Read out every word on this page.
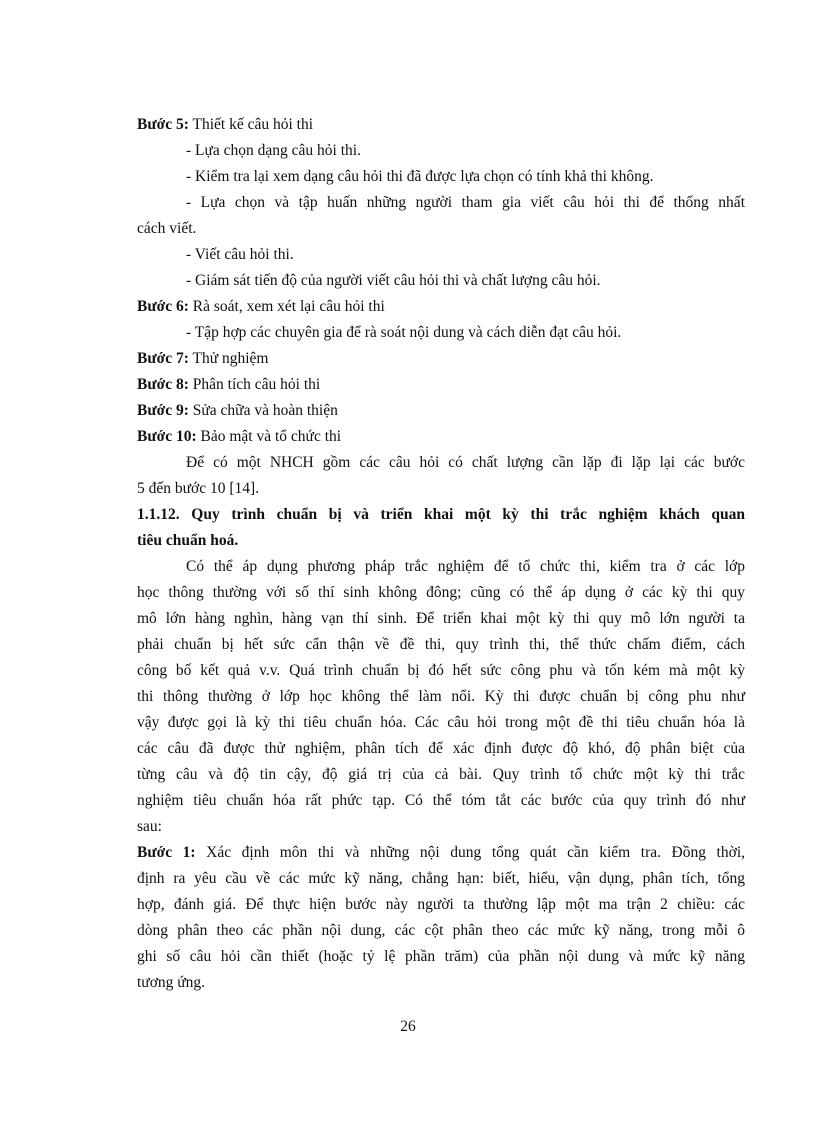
Bước 5: Thiết kế câu hỏi thi
- Lựa chọn dạng câu hỏi thi.
- Kiểm tra lại xem dạng câu hỏi thi đã được lựa chọn có tính khả thi không.
- Lựa chọn và tập huấn những người tham gia viết câu hỏi thi để thống nhất
cách viết.
- Viết câu hỏi thi.
- Giám sát tiến độ của người viết câu hỏi thi và chất lượng câu hỏi.
Bước 6: Rà soát, xem xét lại câu hỏi thi
- Tập hợp các chuyên gia để rà soát nội dung và cách diễn đạt câu hỏi.
Bước 7: Thử nghiệm
Bước 8: Phân tích câu hỏi thi
Bước 9: Sửa chữa và hoàn thiện
Bước 10: Bảo mật và tổ chức thi
Để có một NHCH gồm các câu hỏi có chất lượng cần lặp đi lặp lại các bước
5 đến bước 10 [14].
1.1.12. Quy trình chuẩn bị và triển khai một kỳ thi trắc nghiệm khách quan
tiêu chuẩn hoá.
Có thể áp dụng phương pháp trắc nghiệm để tổ chức thi, kiểm tra ở các lớp
học thông thường với số thí sinh không đông; cũng có thể áp dụng ở các kỳ thi quy
mô lớn hàng nghìn, hàng vạn thí sinh. Để triển khai một kỳ thi quy mô lớn người ta
phải chuẩn bị hết sức cẩn thận về đề thi, quy trình thi, thể thức chấm điểm, cách
công bố kết quả v.v. Quá trình chuẩn bị đó hết sức công phu và tốn kém mà một kỳ
thi thông thường ở lớp học không thể làm nổi. Kỳ thi được chuẩn bị công phu như
vậy được gọi là kỳ thi tiêu chuẩn hóa. Các câu hỏi trong một đề thi tiêu chuẩn hóa là
các câu đã được thử nghiệm, phân tích để xác định được độ khó, độ phân biệt của
từng câu và độ tin cậy, độ giá trị của cả bài. Quy trình tổ chức một kỳ thi trắc
nghiệm tiêu chuẩn hóa rất phức tạp. Có thể tóm tắt các bước của quy trình đó như
sau:
Bước 1: Xác định môn thi và những nội dung tổng quát cần kiểm tra. Đồng thời,
định ra yêu cầu về các mức kỹ năng, chẳng hạn: biết, hiểu, vận dụng, phân tích, tổng
hợp, đánh giá. Để thực hiện bước này người ta thường lập một ma trận 2 chiều: các
dòng phân theo các phần nội dung, các cột phân theo các mức kỹ năng, trong mỗi ô
ghi số câu hỏi cần thiết (hoặc tỷ lệ phần trăm) của phần nội dung và mức kỹ năng
tương ứng.
26
